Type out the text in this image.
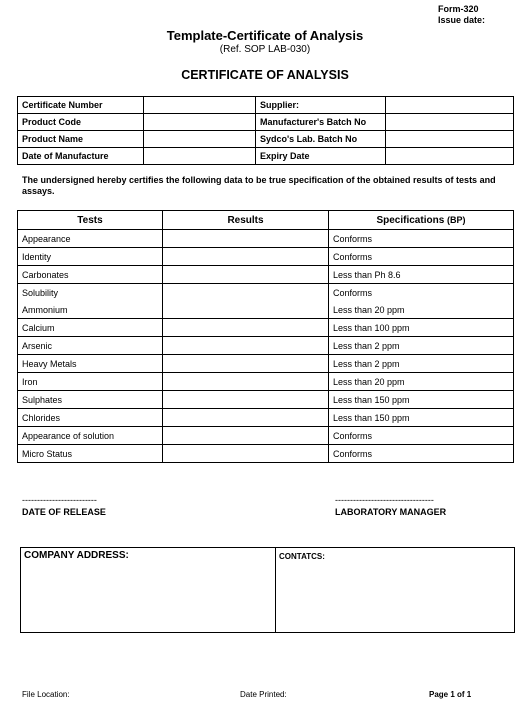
Form-320
Issue date:
Template-Certificate of Analysis
(Ref. SOP LAB-030)
CERTIFICATE OF ANALYSIS
Certificate Number		Supplier:	
Product Code		Manufacturer's Batch No	
Product Name		Sydco's Lab. Batch No	
Date of Manufacture		Expiry Date	
The undersigned hereby certifies the following data to be true specification of the obtained results of tests and assays.
Tests	Results	Specifications (BP)
Appearance		Conforms
Identity		Conforms
Carbonates		Less than Ph 8.6
Solubility		Conforms
Ammonium		Less than 20 ppm
Calcium		Less than 100 ppm
Arsenic		Less than 2 ppm
Heavy Metals		Less than 2 ppm
Iron		Less than 20 ppm
Sulphates		Less than 150 ppm
Chlorides		Less than 150 ppm
Appearance of solution		Conforms
Micro Status		Conforms
-------------------------
DATE OF RELEASE
---------------------------------
LABORATORY MANAGER
COMPANY ADDRESS:	CONTATCS:
File Location:	Date Printed:	Page 1 of 1
